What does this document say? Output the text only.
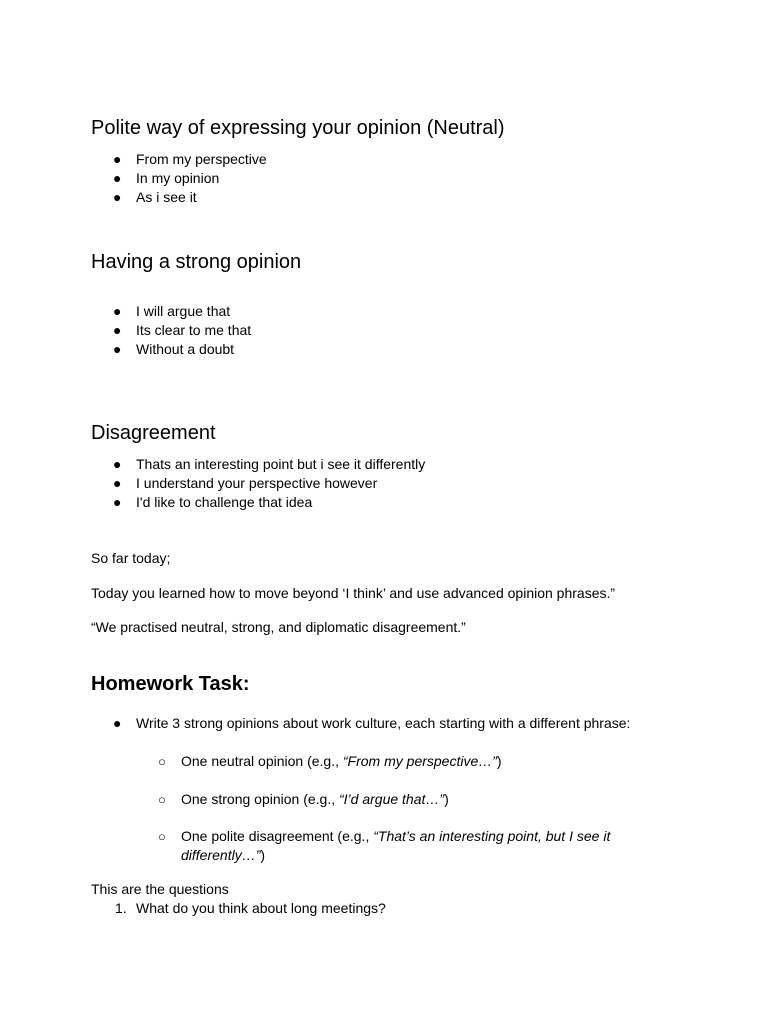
Polite way of expressing your opinion (Neutral)
● From my perspective
● In my opinion
● As i see it
Having a strong opinion
● I will argue that
● Its clear to me that
● Without a doubt
Disagreement
● Thats an interesting point but i see it differently
● I understand your perspective however
● I'd like to challenge that idea

So far today;

Today you learned how to move beyond ‘I think’ and use advanced opinion phrases.”

“We practised neutral, strong, and diplomatic disagreement.”

Homework Task:
● Write 3 strong opinions about work culture, each starting with a different phrase:
○ One neutral opinion (e.g., “From my perspective…”)
○ One strong opinion (e.g., “I’d argue that…”)
○ One polite disagreement (e.g., “That’s an interesting point, but I see it differently…”)

This are the questions

1. What do you think about long meetings?
